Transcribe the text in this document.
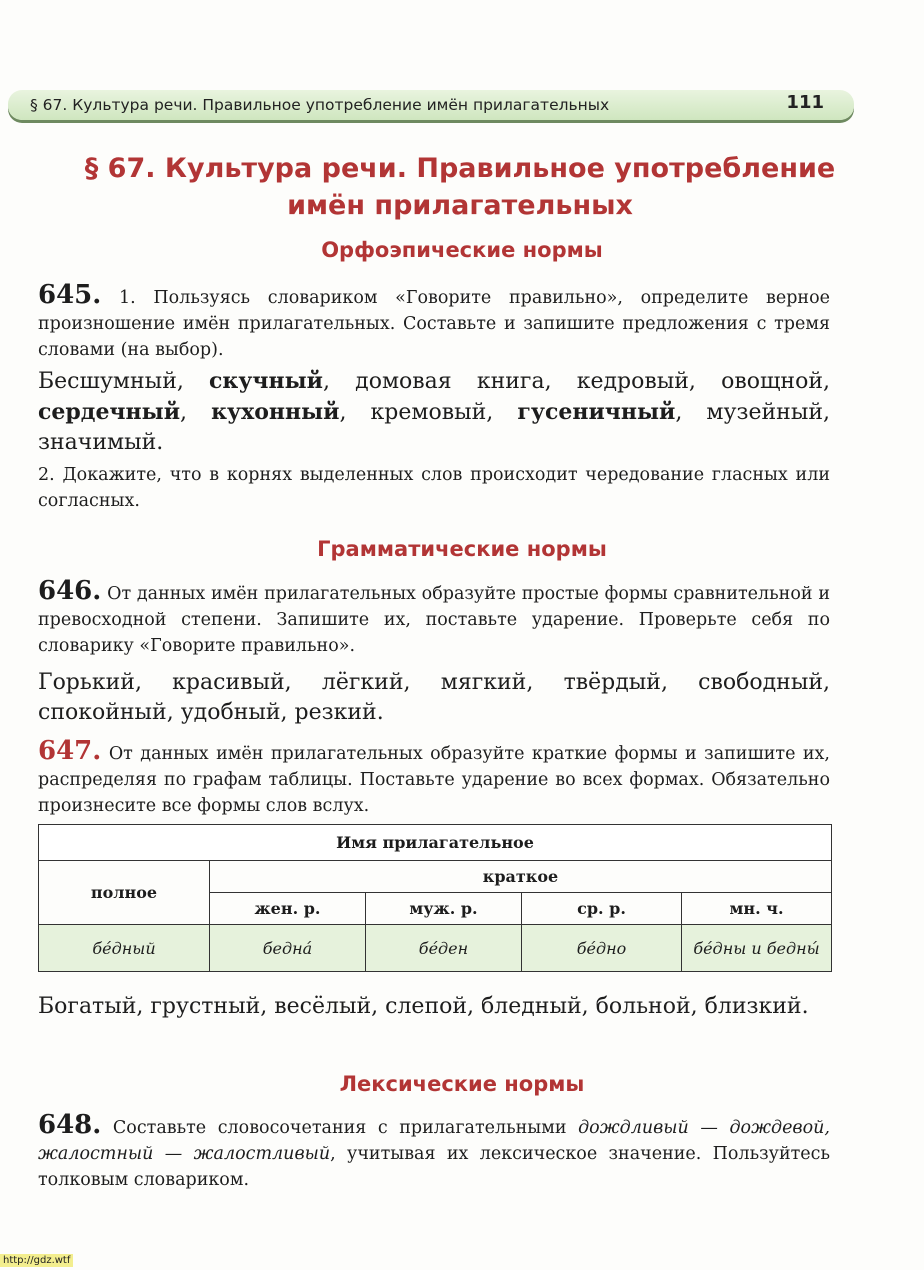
§ 67. Культура речи. Правильное употребление имён прилагательных	111
§ 67. Культура речи. Правильное употребление
имён прилагательных
Орфоэпические нормы
645. 1. Пользуясь словариком «Говорите правильно», определите верное произношение имён прилагательных. Составьте и запишите предложения с тремя словами (на выбор).
Бесшумный, скучный, домовая книга, кедровый, овощной, сердечный, кухонный, кремовый, гусеничный, музейный, значимый.
2. Докажите, что в корнях выделенных слов происходит чередование гласных или согласных.
Грамматические нормы
646. От данных имён прилагательных образуйте простые формы сравнительной и превосходной степени. Запишите их, поставьте ударение. Проверьте себя по словарику «Говорите правильно».
Горький, красивый, лёгкий, мягкий, твёрдый, свободный, спокойный, удобный, резкий.
647. От данных имён прилагательных образуйте краткие формы и запишите их, распределяя по графам таблицы. Поставьте ударение во всех формах. Обязательно произнесите все формы слов вслух.
Имя прилагательное				
полное	краткое			
	жен. р.	муж. р.	ср. р.	мн. ч.
бе́дный	бедна́	бе́ден	бе́дно	бе́дны и бедны́
Богатый, грустный, весёлый, слепой, бледный, больной, близкий.
Лексические нормы
648. Составьте словосочетания с прилагательными дождливый — дождевой, жалостный — жалостливый, учитывая их лексическое значение. Пользуйтесь толковым словариком.
http://gdz.wtf
